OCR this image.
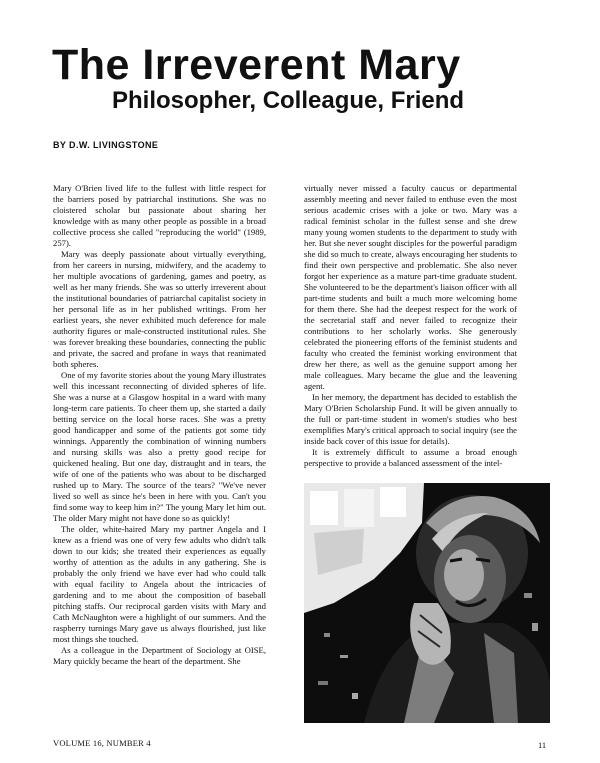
The Irreverent Mary
Philosopher, Colleague, Friend
BY D.W. LIVINGSTONE

Mary O'Brien lived life to the fullest with little respect for the barriers posed by patriarchal institutions. She was no cloistered scholar but passionate about sharing her knowledge with as many other people as possible in a broad collective process she called "reproducing the world" (1989, 257).

Mary was deeply passionate about virtually everything, from her careers in nursing, midwifery, and the academy to her multiple avocations of gardening, games and poetry, as well as her many friends. She was so utterly irreverent about the institutional boundaries of patriarchal capitalist society in her personal life as in her published writings. From her earliest years, she never exhibited much deference for male authority figures or male-constructed institutional rules. She was forever breaking these boundaries, connecting the public and private, the sacred and profane in ways that reanimated both spheres.

One of my favorite stories about the young Mary illustrates well this incessant reconnecting of divided spheres of life. She was a nurse at a Glasgow hospital in a ward with many long-term care patients. To cheer them up, she started a daily betting service on the local horse races. She was a pretty good handicapper and some of the patients got some tidy winnings. Apparently the combination of winning numbers and nursing skills was also a pretty good recipe for quickened healing. But one day, distraught and in tears, the wife of one of the patients who was about to be discharged rushed up to Mary. The source of the tears? "We've never lived so well as since he's been in here with you. Can't you find some way to keep him in?" The young Mary let him out. The older Mary might not have done so as quickly!

The older, white-haired Mary my partner Angela and I knew as a friend was one of very few adults who didn't talk down to our kids; she treated their experiences as equally worthy of attention as the adults in any gathering. She is probably the only friend we have ever had who could talk with equal facility to Angela about the intricacies of gardening and to me about the composition of baseball pitching staffs. Our reciprocal garden visits with Mary and Cath McNaughton were a highlight of our summers. And the raspberry turnings Mary gave us always flourished, just like most things she touched.

As a colleague in the Department of Sociology at OISE, Mary quickly became the heart of the department. She

virtually never missed a faculty caucus or departmental assembly meeting and never failed to enthuse even the most serious academic crises with a joke or two. Mary was a radical feminist scholar in the fullest sense and she drew many young women students to the department to study with her. But she never sought disciples for the powerful paradigm she did so much to create, always encouraging her students to find their own perspective and problematic. She also never forgot her experience as a mature part-time graduate student. She volunteered to be the department's liaison officer with all part-time students and built a much more welcoming home for them there. She had the deepest respect for the work of the secretarial staff and never failed to recognize their contributions to her scholarly works. She generously celebrated the pioneering efforts of the feminist students and faculty who created the feminist working environment that drew her there, as well as the genuine support among her male colleagues. Mary became the glue and the leavening agent.

In her memory, the department has decided to establish the Mary O'Brien Scholarship Fund. It will be given annually to the full or part-time student in women's studies who best exemplifies Mary's critical approach to social inquiry (see the inside back cover of this issue for details).

It is extremely difficult to assume a broad enough perspective to provide a balanced assessment of the intel-

VOLUME 16, NUMBER 4	11
